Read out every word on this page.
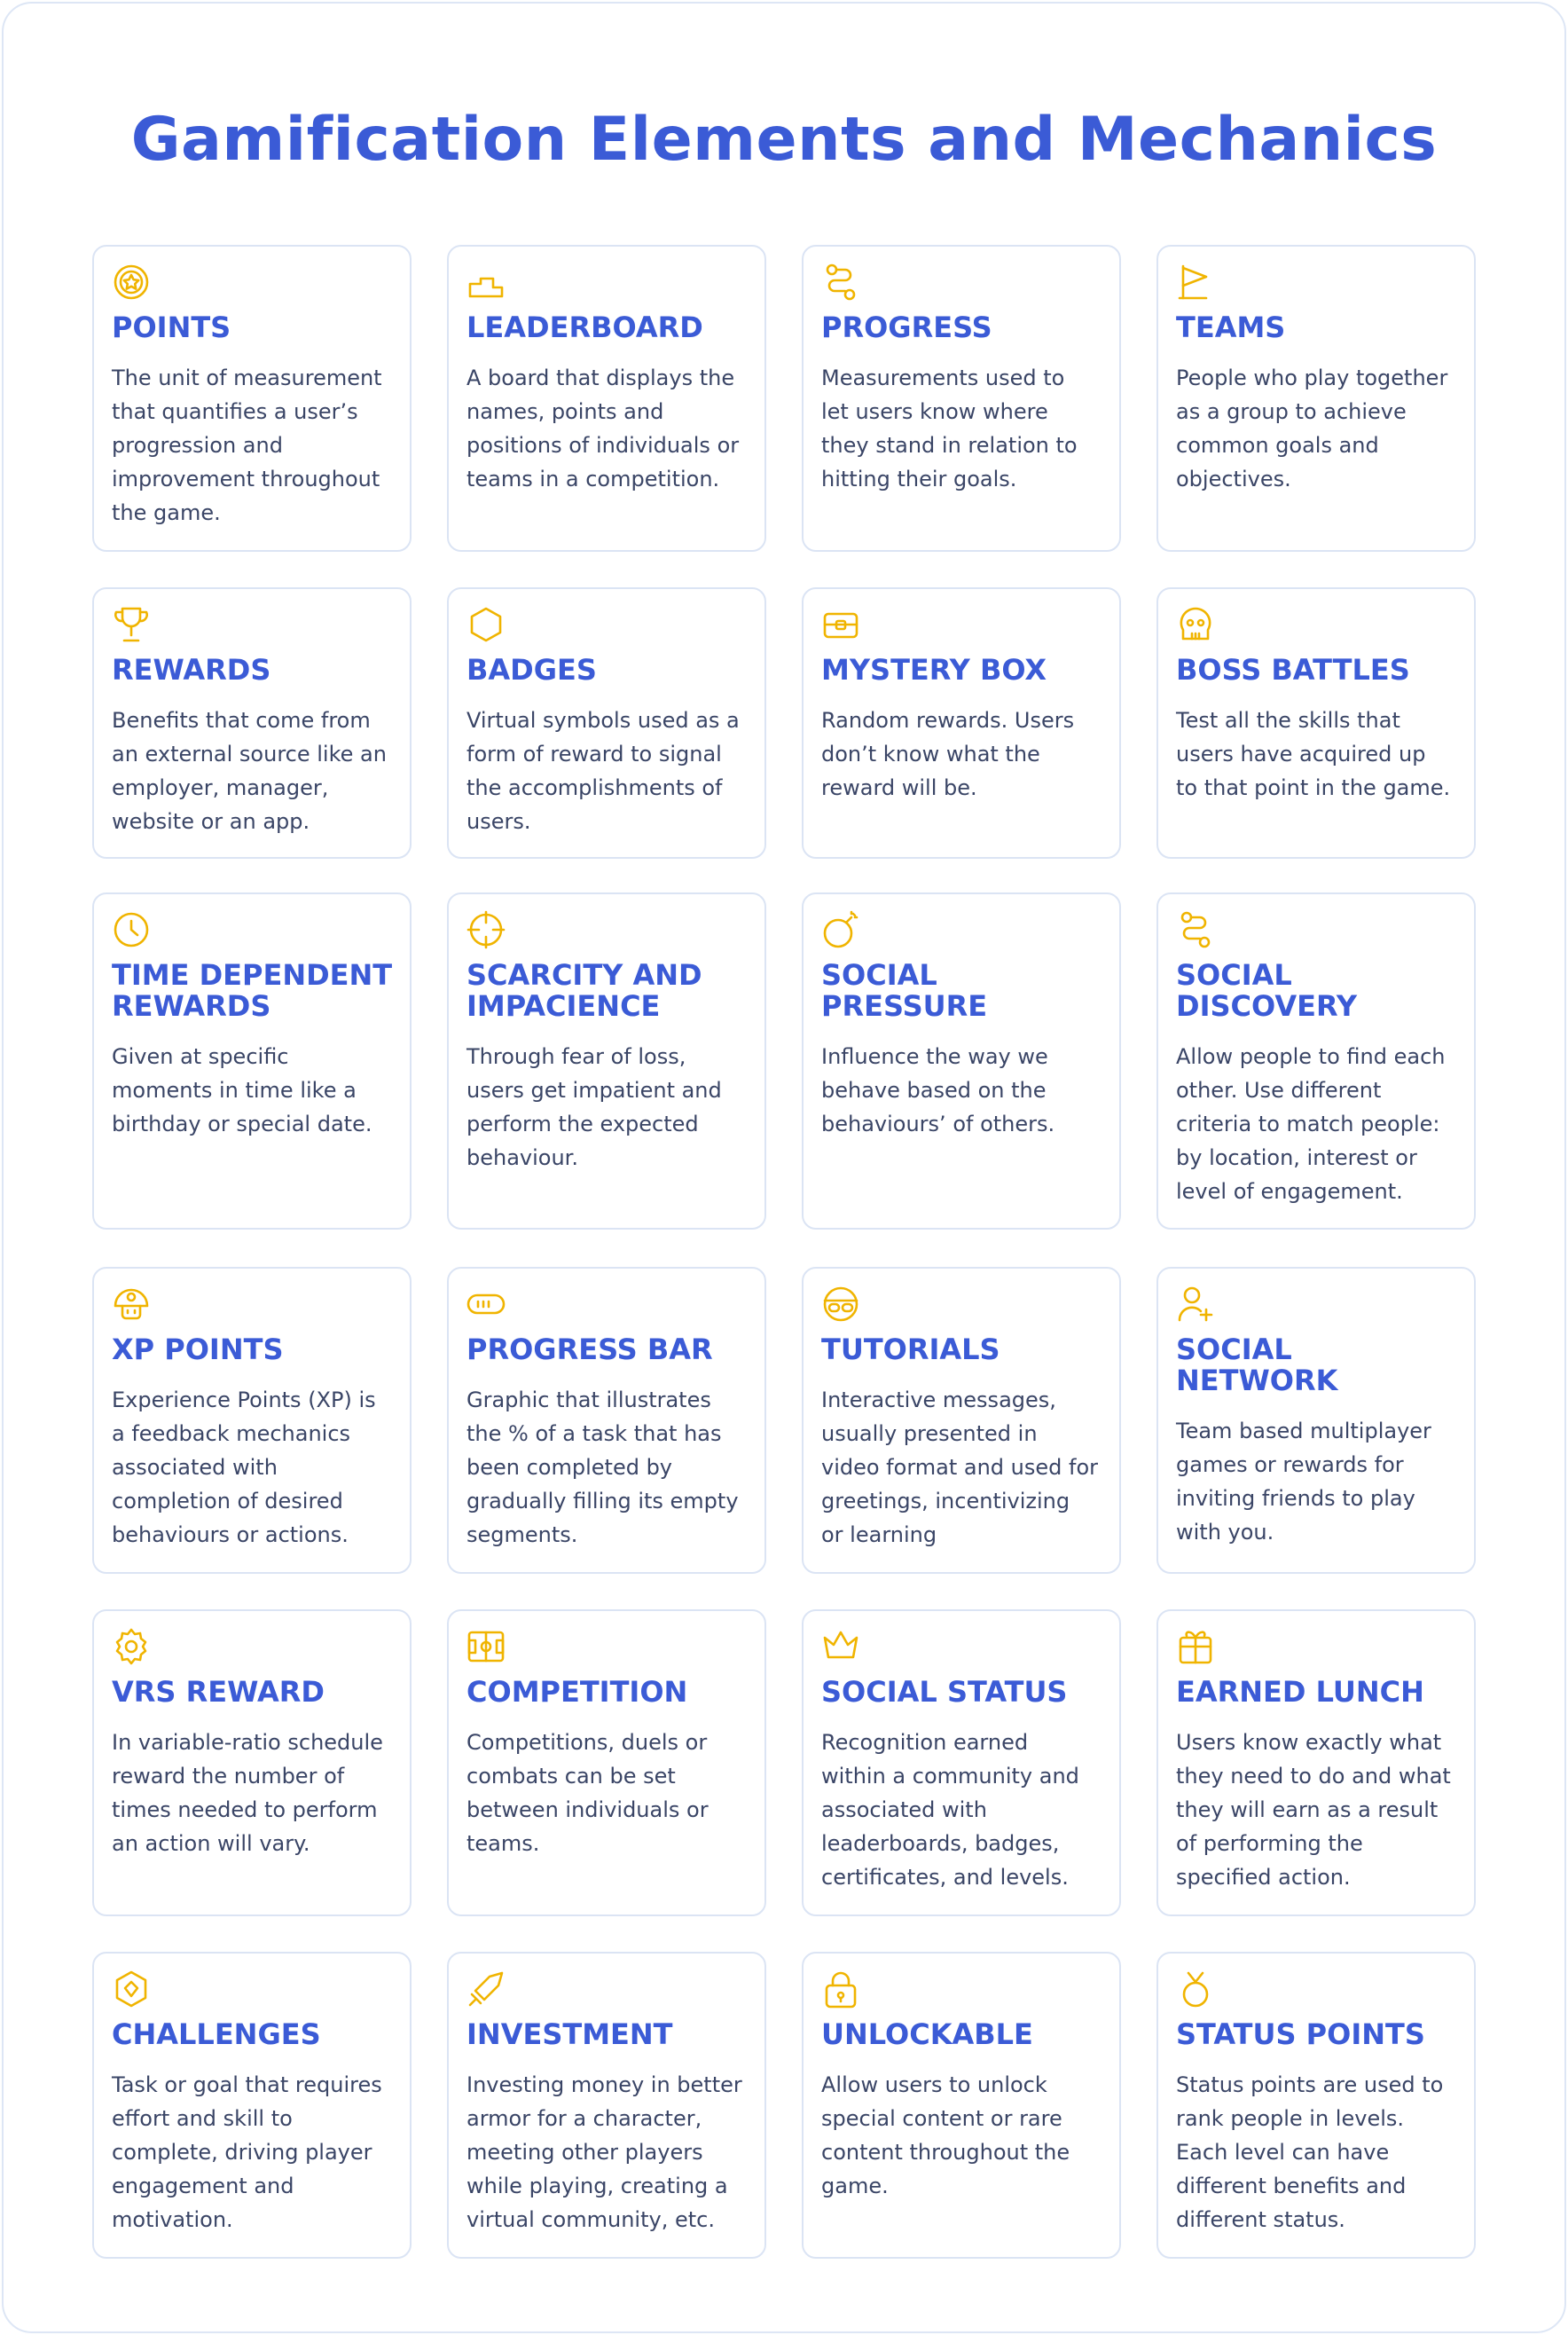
Gamification Elements and Mechanics
POINTS
The unit of measurement that quantifies a user’s progression and improvement throughout the game.
LEADERBOARD
A board that displays the names, points and positions of individuals or teams in a competition.
PROGRESS
Measurements used to let users know where they stand in relation to hitting their goals.
TEAMS
People who play together as a group to achieve common goals and objectives.
REWARDS
Benefits that come from an external source like an employer, manager, website or an app.
BADGES
Virtual symbols used as a form of reward to signal the accomplishments of users.
MYSTERY BOX
Random rewards. Users don’t know what the reward will be.
BOSS BATTLES
Test all the skills that users have acquired up to that point in the game.
TIME DEPENDENT REWARDS
Given at specific moments in time like a birthday or special date.
SCARCITY AND IMPACIENCE
Through fear of loss, users get impatient and perform the expected behaviour.
SOCIAL PRESSURE
Influence the way we behave based on the behaviours’ of others.
SOCIAL DISCOVERY
Allow people to find each other. Use different criteria to match people: by location, interest or level of engagement.
XP POINTS
Experience Points (XP) is a feedback mechanics associated with completion of desired behaviours or actions.
PROGRESS BAR
Graphic that illustrates the % of a task that has been completed by gradually filling its empty segments.
TUTORIALS
Interactive messages, usually presented in video format and used for greetings, incentivizing or learning
SOCIAL NETWORK
Team based multiplayer games or rewards for inviting friends to play with you.
VRS REWARD
In variable-ratio schedule reward the number of times needed to perform an action will vary.
COMPETITION
Competitions, duels or combats can be set between individuals or teams.
SOCIAL STATUS
Recognition earned within a community and associated with leaderboards, badges, certificates, and levels.
EARNED LUNCH
Users know exactly what they need to do and what they will earn as a result of performing the specified action.
CHALLENGES
Task or goal that requires effort and skill to complete, driving player engagement and motivation.
INVESTMENT
Investing money in better armor for a character, meeting other players while playing, creating a virtual community, etc.
UNLOCKABLE
Allow users to unlock special content or rare content throughout the game.
STATUS POINTS
Status points are used to rank people in levels. Each level can have different benefits and different status.
